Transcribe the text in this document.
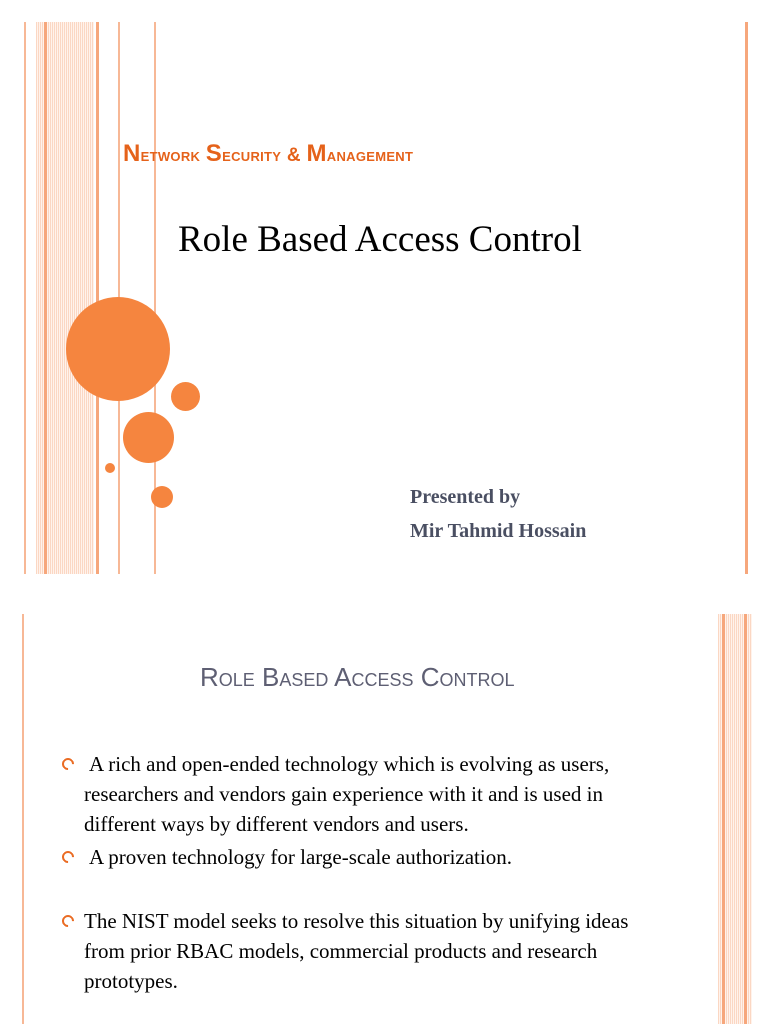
Network Security & Management
Role Based Access Control
Presented by
Mir Tahmid Hossain
Role Based Access Control
A rich and open-ended technology which is evolving as users, researchers and vendors gain experience with it and is used in different ways by different vendors and users.
A proven technology for large-scale authorization.
The NIST model seeks to resolve this situation by unifying ideas from prior RBAC models, commercial products and research prototypes.
